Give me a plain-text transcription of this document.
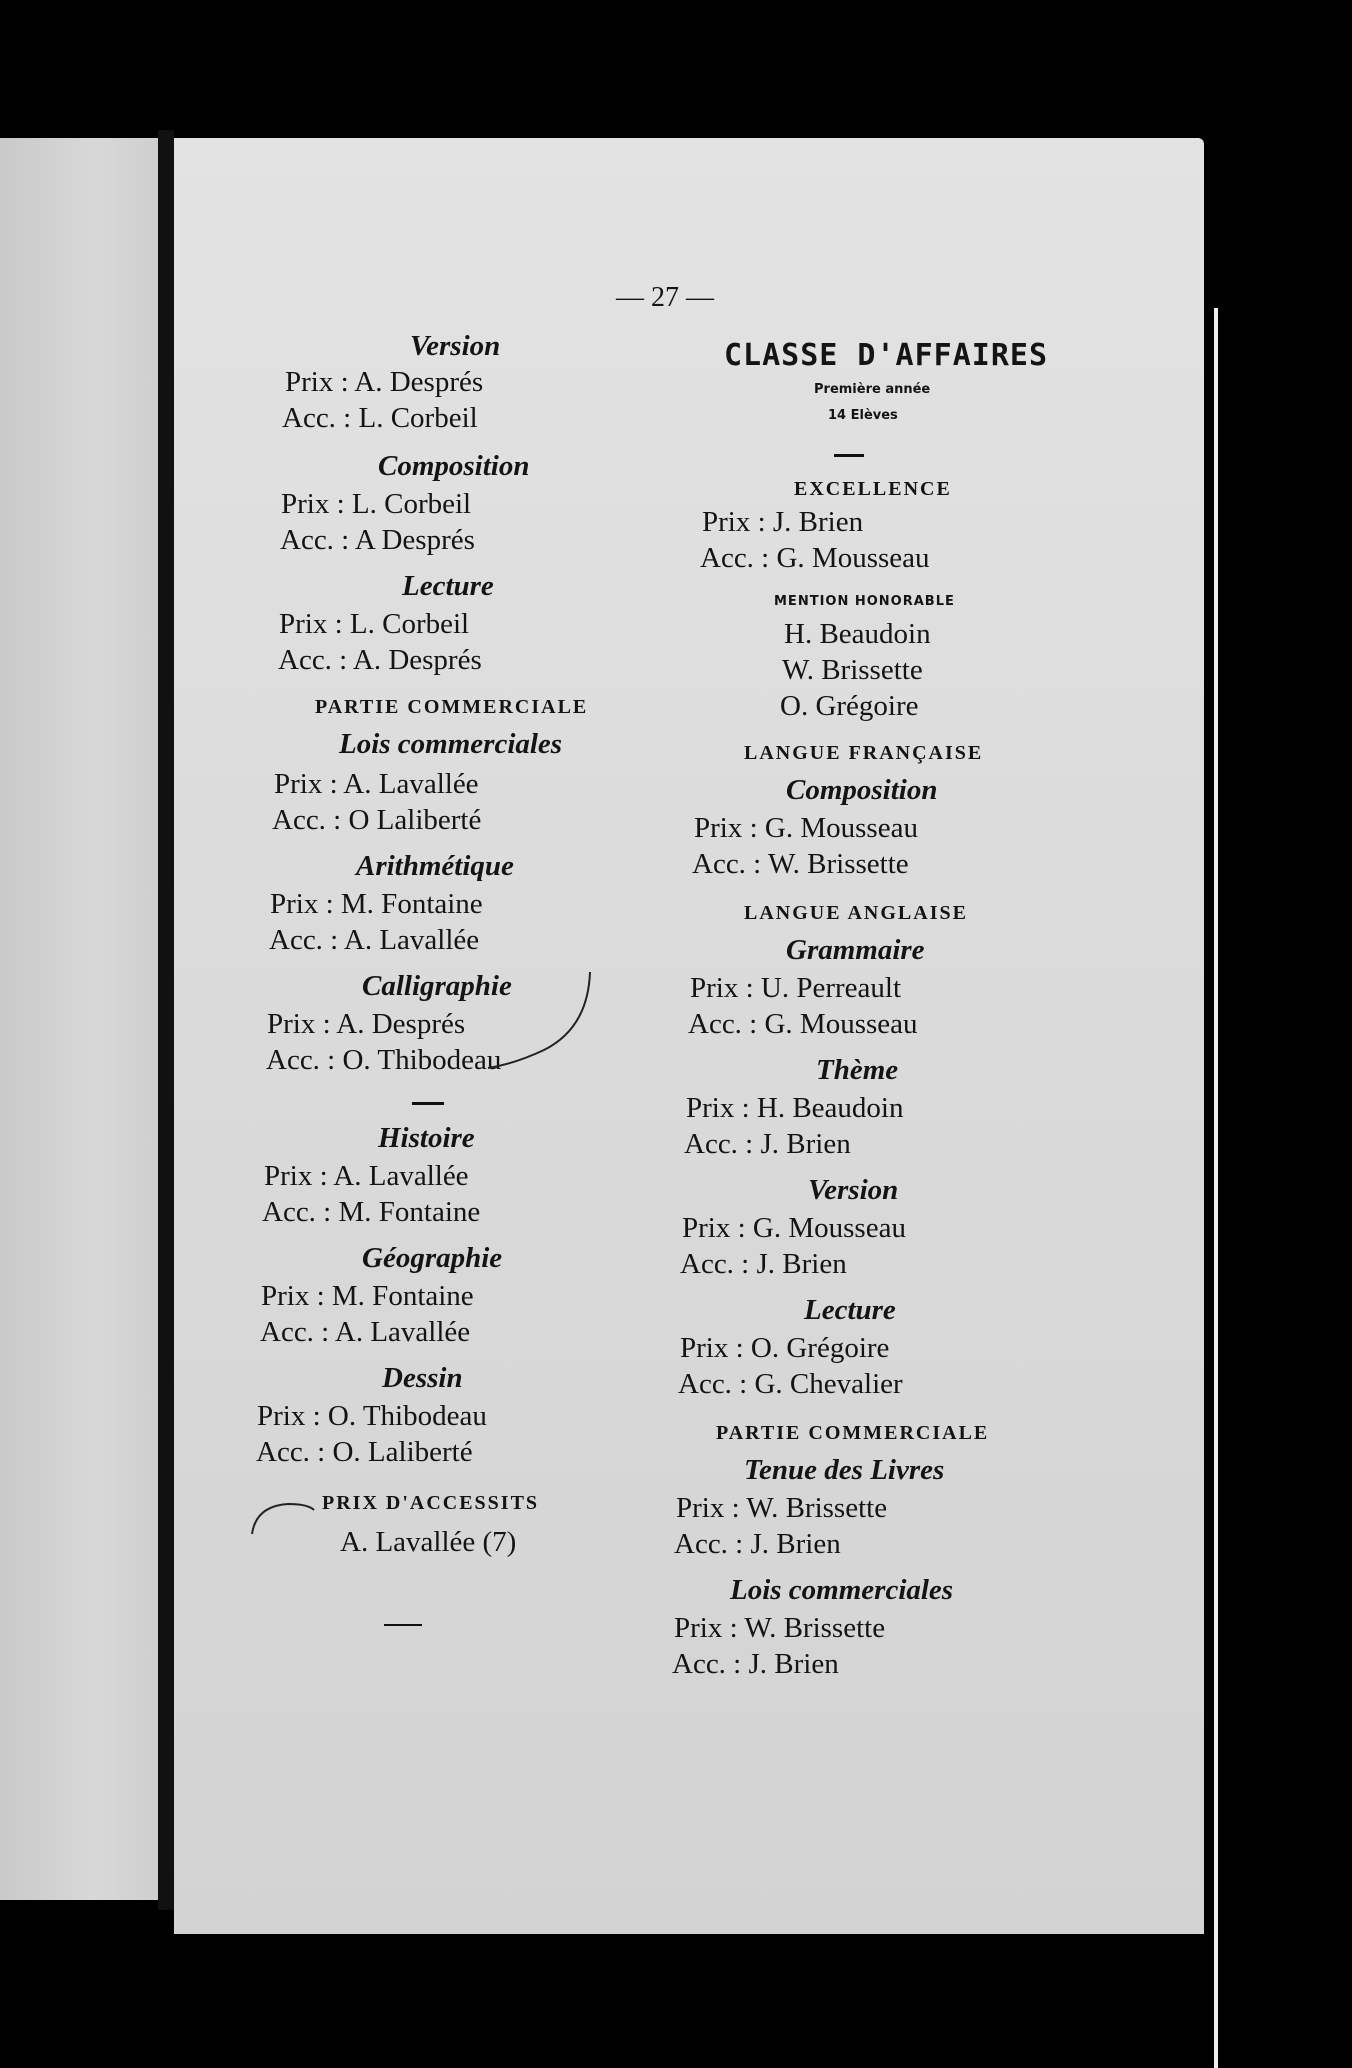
— 27 —
Version
Prix : A. Després
Acc. : L. Corbeil
Composition
Prix : L. Corbeil
Acc. : A Després
Lecture
Prix : L. Corbeil
Acc. : A. Després
PARTIE COMMERCIALE
Lois commerciales
Prix : A. Lavallée
Acc. : O Laliberté
Arithmétique
Prix : M. Fontaine
Acc. : A. Lavallée
Calligraphie
Prix : A. Després
Acc. : O. Thibodeau
Histoire
Prix : A. Lavallée
Acc. : M. Fontaine
Géographie
Prix : M. Fontaine
Acc. : A. Lavallée
Dessin
Prix : O. Thibodeau
Acc. : O. Laliberté
PRIX D'ACCESSITS
A. Lavallée (7)
CLASSE D'AFFAIRES
Première année
14 Elèves
EXCELLENCE
Prix : J. Brien
Acc. : G. Mousseau
MENTION HONORABLE
H. Beaudoin
W. Brissette
O. Grégoire
LANGUE FRANÇAISE
Composition
Prix : G. Mousseau
Acc. : W. Brissette
LANGUE ANGLAISE
Grammaire
Prix : U. Perreault
Acc. : G. Mousseau
Thème
Prix : H. Beaudoin
Acc. : J. Brien
Version
Prix : G. Mousseau
Acc. : J. Brien
Lecture
Prix : O. Grégoire
Acc. : G. Chevalier
PARTIE COMMERCIALE
Tenue des Livres
Prix : W. Brissette
Acc. : J. Brien
Lois commerciales
Prix : W. Brissette
Acc. : J. Brien
